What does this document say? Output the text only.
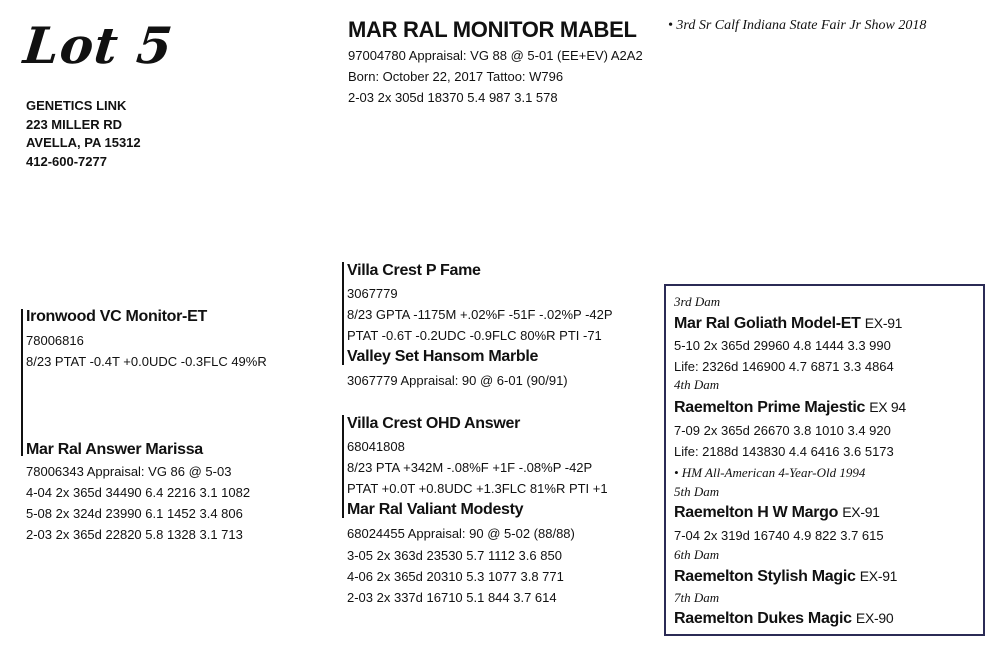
Lot 5
GENETICS LINK
223 MILLER RD
AVELLA, PA 15312
412-600-7277
MAR RAL MONITOR MABEL
97004780 Appraisal: VG 88 @ 5-01 (EE+EV) A2A2
Born: October 22, 2017 Tattoo: W796
2-03 2x 305d 18370 5.4 987 3.1 578
• 3rd Sr Calf Indiana State Fair Jr Show 2018
Ironwood VC Monitor-ET
78006816
8/23 PTAT -0.4T +0.0UDC -0.3FLC 49%R
Mar Ral Answer Marissa
78006343 Appraisal: VG 86 @ 5-03
4-04 2x 365d 34490 6.4 2216 3.1 1082
5-08 2x 324d 23990 6.1 1452 3.4 806
2-03 2x 365d 22820 5.8 1328 3.1 713
Villa Crest P Fame
3067779
8/23 GPTA -1175M +.02%F -51F -.02%P -42P
PTAT -0.6T -0.2UDC -0.9FLC 80%R PTI -71
Valley Set Hansom Marble
3067779 Appraisal: 90 @ 6-01 (90/91)
Villa Crest OHD Answer
68041808
8/23 PTA +342M -.08%F +1F -.08%P -42P
PTAT +0.0T +0.8UDC +1.3FLC 81%R PTI +1
Mar Ral Valiant Modesty
68024455 Appraisal: 90 @ 5-02 (88/88)
3-05 2x 363d 23530 5.7 1112 3.6 850
4-06 2x 365d 20310 5.3 1077 3.8 771
2-03 2x 337d 16710 5.1 844 3.7 614
3rd Dam
Mar Ral Goliath Model-ET EX-91
5-10 2x 365d 29960 4.8 1444 3.3 990
Life: 2326d 146900 4.7 6871 3.3 4864
4th Dam
Raemelton Prime Majestic EX 94
7-09 2x 365d 26670 3.8 1010 3.4 920
Life: 2188d 143830 4.4 6416 3.6 5173
• HM All-American 4-Year-Old 1994
5th Dam
Raemelton H W Margo EX-91
7-04 2x 319d 16740 4.9 822 3.7 615
6th Dam
Raemelton Stylish Magic EX-91
7th Dam
Raemelton Dukes Magic EX-90
